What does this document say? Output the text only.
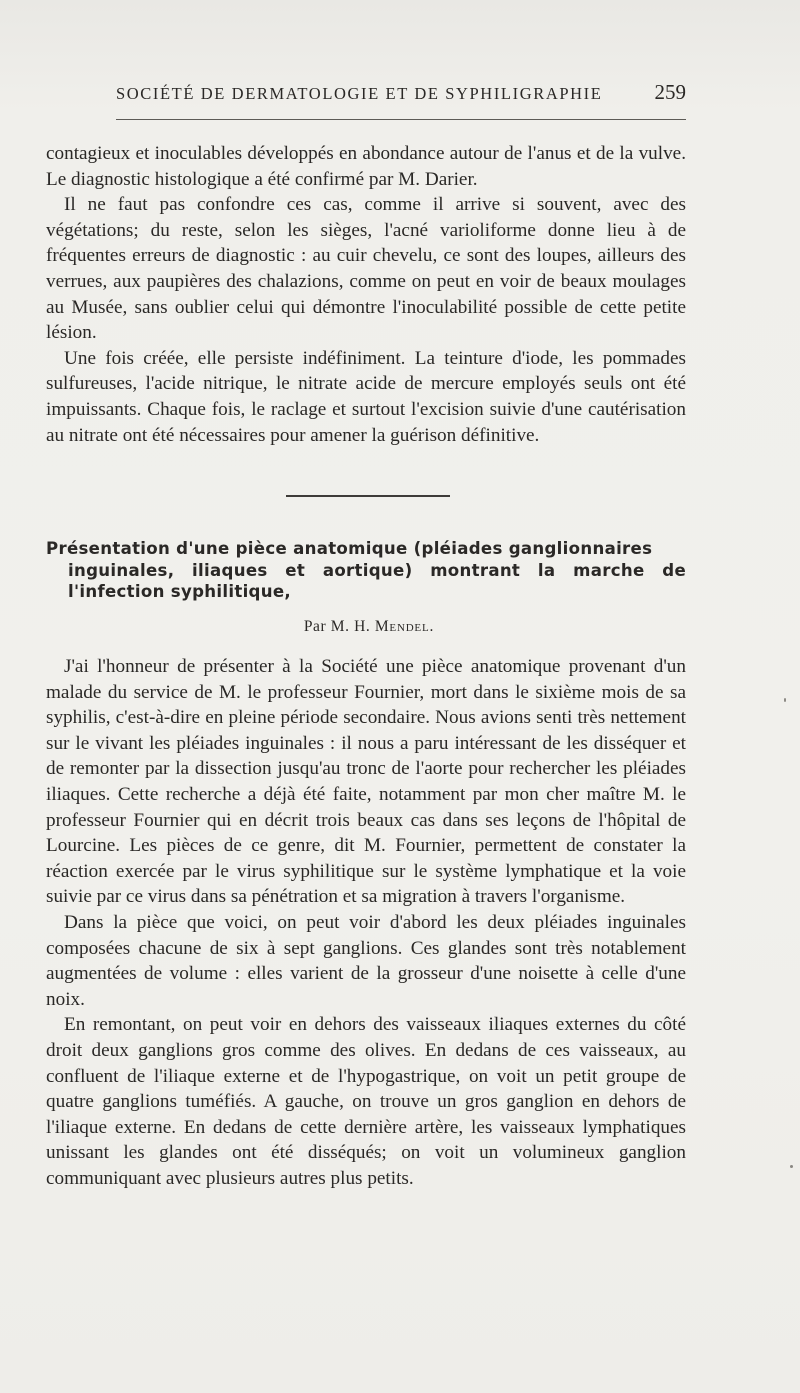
SOCIÉTÉ DE DERMATOLOGIE ET DE SYPHILIGRAPHIE 259

contagieux et inoculables développés en abondance autour de l'anus et de la vulve. Le diagnostic histologique a été confirmé par M. Darier.

Il ne faut pas confondre ces cas, comme il arrive si souvent, avec des végétations; du reste, selon les sièges, l'acné varioliforme donne lieu à de fréquentes erreurs de diagnostic : au cuir chevelu, ce sont des loupes, ailleurs des verrues, aux paupières des chalazions, comme on peut en voir de beaux moulages au Musée, sans oublier celui qui démontre l'inoculabilité possible de cette petite lésion.

Une fois créée, elle persiste indéfiniment. La teinture d'iode, les pommades sulfureuses, l'acide nitrique, le nitrate acide de mercure employés seuls ont été impuissants. Chaque fois, le raclage et surtout l'excision suivie d'une cautérisation au nitrate ont été nécessaires pour amener la guérison définitive.

Présentation d'une pièce anatomique (pléiades ganglionnaires
inguinales, iliaques et aortique) montrant la marche de l'infection syphilitique,
Par M. H. Mendel.

J'ai l'honneur de présenter à la Société une pièce anatomique provenant d'un malade du service de M. le professeur Fournier, mort dans le sixième mois de sa syphilis, c'est-à-dire en pleine période secondaire. Nous avions senti très nettement sur le vivant les pléiades inguinales : il nous a paru intéressant de les disséquer et de remonter par la dissection jusqu'au tronc de l'aorte pour rechercher les pléiades iliaques. Cette recherche a déjà été faite, notamment par mon cher maître M. le professeur Fournier qui en décrit trois beaux cas dans ses leçons de l'hôpital de Lourcine. Les pièces de ce genre, dit M. Fournier, permettent de constater la réaction exercée par le virus syphilitique sur le système lymphatique et la voie suivie par ce virus dans sa pénétration et sa migration à travers l'organisme.

Dans la pièce que voici, on peut voir d'abord les deux pléiades inguinales composées chacune de six à sept ganglions. Ces glandes sont très notablement augmentées de volume : elles varient de la grosseur d'une noisette à celle d'une noix.

En remontant, on peut voir en dehors des vaisseaux iliaques externes du côté droit deux ganglions gros comme des olives. En dedans de ces vaisseaux, au confluent de l'iliaque externe et de l'hypogastrique, on voit un petit groupe de quatre ganglions tuméfiés. A gauche, on trouve un gros ganglion en dehors de l'iliaque externe. En dedans de cette dernière artère, les vaisseaux lymphatiques unissant les glandes ont été disséqués; on voit un volumineux ganglion communiquant avec plusieurs autres plus petits.
